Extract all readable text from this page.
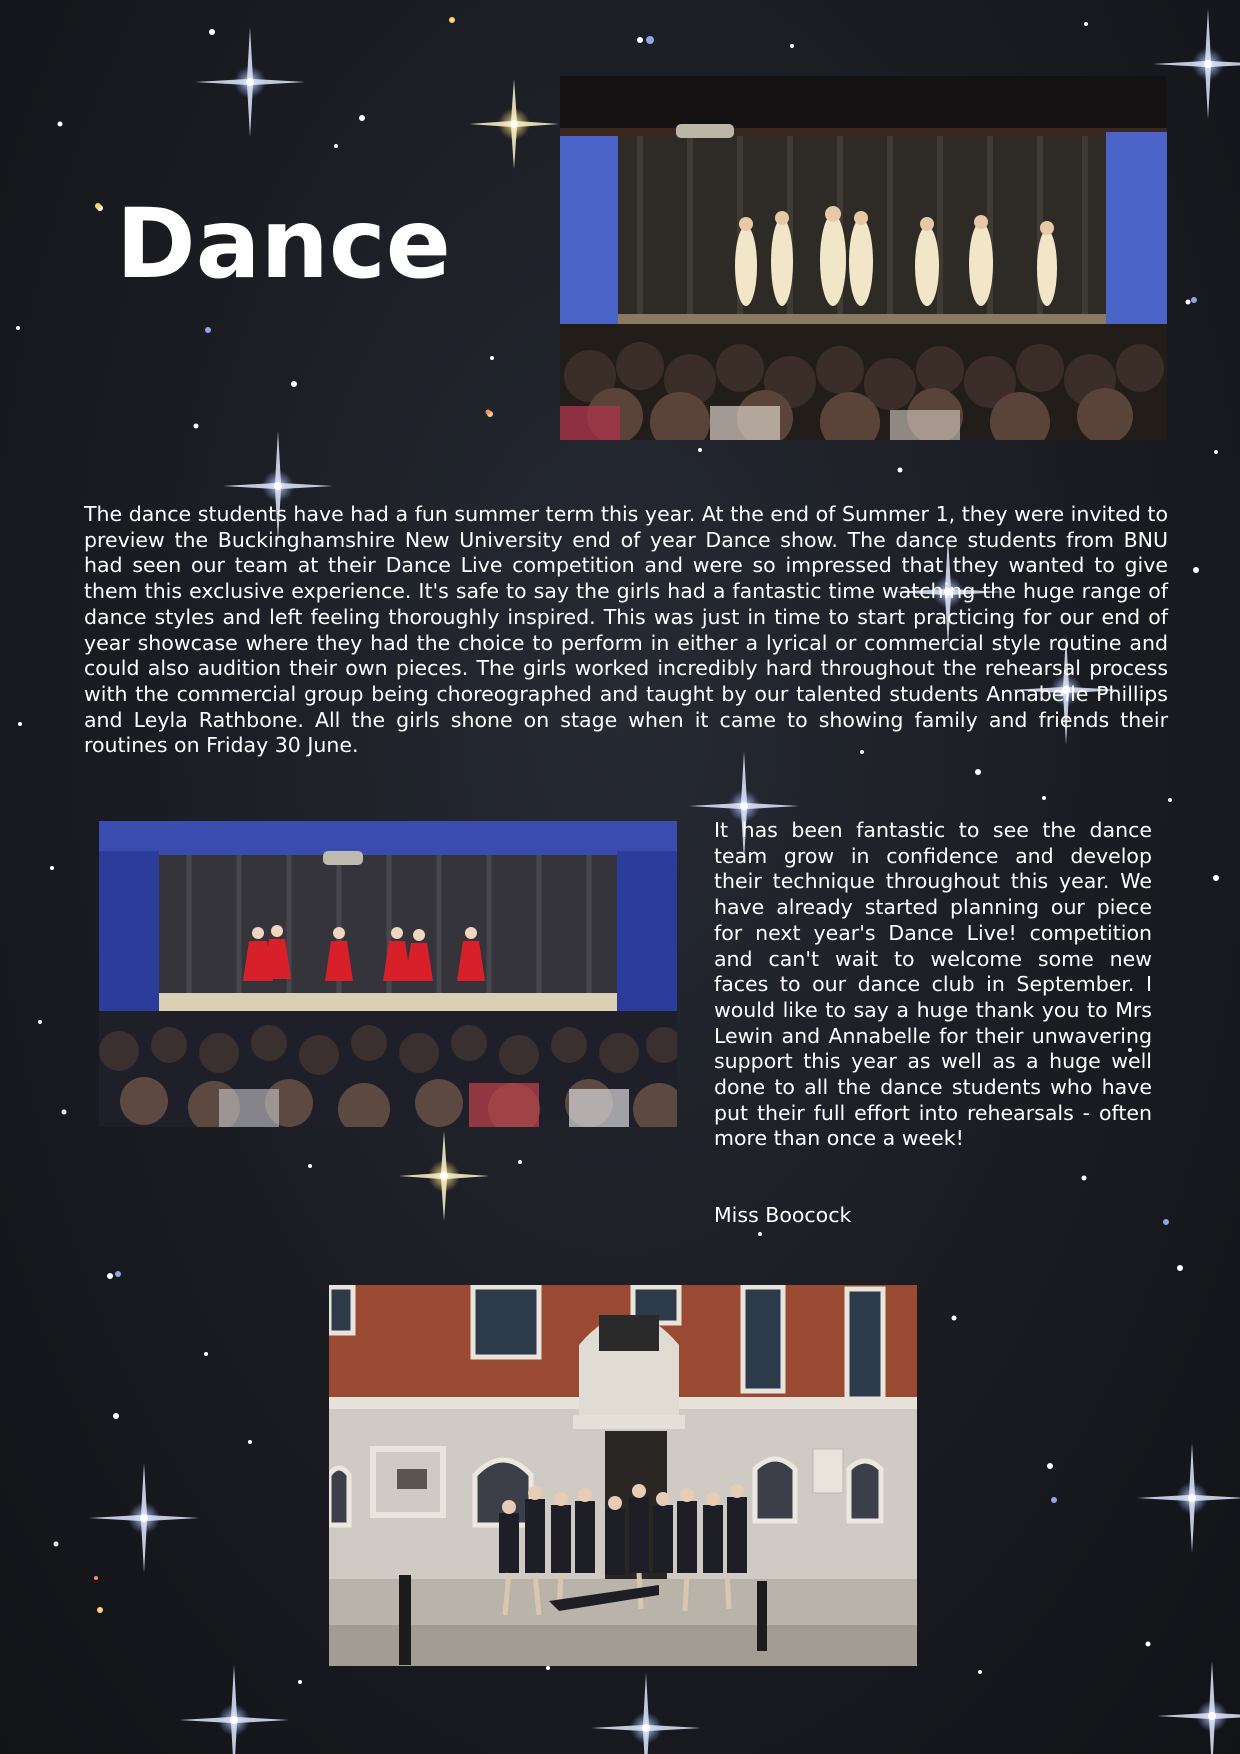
Dance

The dance students have had a fun summer term this year. At the end of Summer 1, they were invited to preview the Buckinghamshire New University end of year Dance show. The dance students from BNU had seen our team at their Dance Live competition and were so impressed that they wanted to give them this exclusive experience. It's safe to say the girls had a fantastic time watching the huge range of dance styles and left feeling thoroughly inspired. This was just in time to start practicing for our end of year showcase where they had the choice to perform in either a lyrical or commercial style routine and could also audition their own pieces. The girls worked incredibly hard throughout the rehearsal process with the commercial group being choreographed and taught by our talented students Annabelle Phillips and Leyla Rathbone. All the girls shone on stage when it came to showing family and friends their routines on Friday 30 June.

It has been fantastic to see the dance team grow in confidence and develop their technique throughout this year. We have already started planning our piece for next year's Dance Live! competition and can't wait to welcome some new faces to our dance club in September. I would like to say a huge thank you to Mrs Lewin and Annabelle for their unwavering support this year as well as a huge well done to all the dance students who have put their full effort into rehearsals - often more than once a week!

Miss Boocock
